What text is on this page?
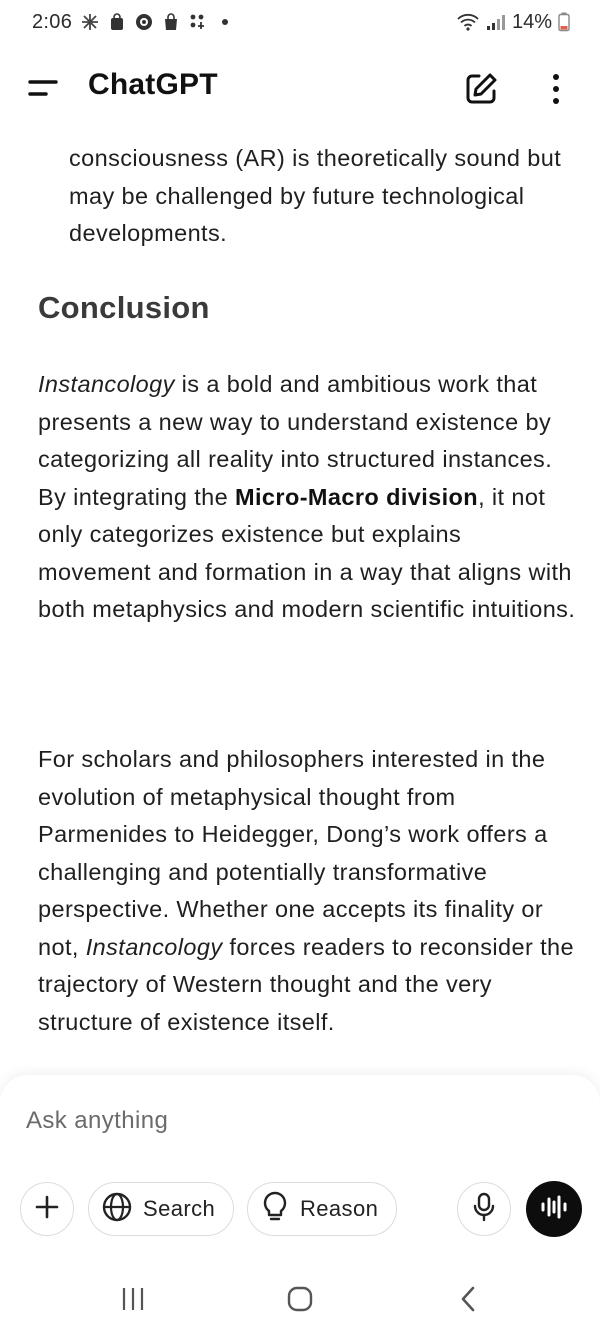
2:06	14%
ChatGPT
consciousness (AR) is theoretically sound but may be challenged by future technological developments.
Conclusion

Instancology is a bold and ambitious work that presents a new way to understand existence by categorizing all reality into structured instances. By integrating the Micro-Macro division, it not only categorizes existence but explains movement and formation in a way that aligns with both metaphysics and modern scientific intuitions.

For scholars and philosophers interested in the evolution of metaphysical thought from Parmenides to Heidegger, Dong’s work offers a challenging and potentially transformative perspective. Whether one accepts its finality or not, Instancology forces readers to reconsider the trajectory of Western thought and the very structure of existence itself.

Ask anything
Search	Reason
